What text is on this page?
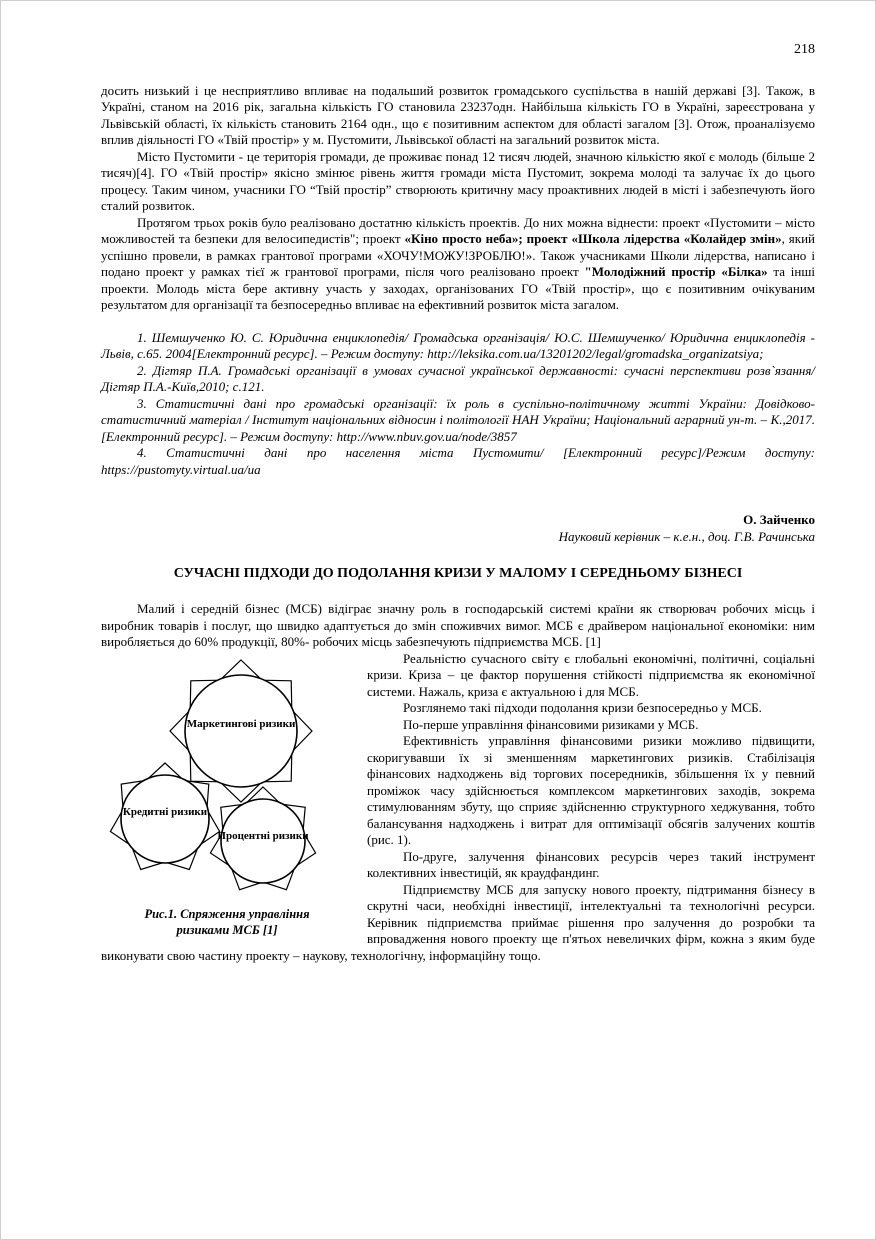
218

досить низький і це несприятливо впливає на подальший розвиток громадського суспільства в нашій державі [3]. Також, в Україні, станом на 2016 рік, загальна кількість ГО становила 23237одн. Найбільша кількість ГО в Україні, зареєстрована у Львівській області, їх кількість становить 2164 одн., що є позитивним аспектом для області загалом [3]. Отож, проаналізуємо вплив діяльності ГО «Твій простір» у м. Пустомити, Львівської області на загальний розвиток міста.

Місто Пустомити - це територія громади, де проживає понад 12 тисяч людей, значною кількістю якої є молодь (більше 2 тисяч)[4]. ГО «Твій простір» якісно змінює рівень життя громади міста Пустомит, зокрема молоді та залучає їх до цього процесу. Таким чином, учасники ГО “Твій простір” створюють критичну масу проактивних людей в місті і забезпечують його сталий розвиток.

Протягом трьох років було реалізовано достатню кількість проектів. До них можна віднести: проект «Пустомити – місто можливостей та безпеки для велосипедистів"; проект «Кіно просто неба»; проект «Школа лідерства «Колайдер змін», який успішно провели, в рамках грантової програми «ХОЧУ!МОЖУ!ЗРОБЛЮ!». Також учасниками Школи лідерства, написано і подано проект у рамках тієї ж грантової програми, після чого реалізовано проект "Молодіжний простір «Білка» та інші проекти. Молодь міста бере активну участь у заходах, організованих ГО «Твій простір», що є позитивним очікуваним результатом для організації та безпосередньо впливає на ефективний розвиток міста загалом.

1. Шемшученко Ю. С. Юридична енциклопедія/ Громадська організація/ Ю.С. Шемшученко/ Юридична енциклопедія - Львів, с.65. 2004[Електронний ресурс]. – Режим доступу: http://leksika.com.ua/13201202/legal/gromadska_organizatsiya;

2. Дігтяр П.А. Громадські організації в умовах сучасної української державності: сучасні перспективи розв`язання/Дігтяр П.А.-Київ,2010; с.121.

3. Статистичні дані про громадські організації: їх роль в суспільно-політичному житті України: Довідково-статистичний матеріал / Інститут національних відносин і політології НАН України; Національний аграрний ун-т. – К.,2017. [Електронний ресурс]. – Режим доступу: http://www.nbuv.gov.ua/node/3857

4. Статистичні дані про населення міста Пустомити/ [Електронний ресурс]/Режим доступу: https://pustomyty.virtual.ua/ua

О. Зайченко
Науковий керівник – к.е.н., доц. Г.В. Рачинська
СУЧАСНІ ПІДХОДИ ДО ПОДОЛАННЯ КРИЗИ У МАЛОМУ І СЕРЕДНЬОМУ БІЗНЕСІ

Малий і середній бізнес (МСБ) відіграє значну роль в господарській системі країни як створювач робочих місць і виробник товарів і послуг, що швидко адаптується до змін споживчих вимог. МСБ є драйвером національної економіки: ним виробляється до 60% продукції, 80%- робочих місць забезпечують підприємства МСБ. [1]

Маркетингові ризики
Кредитні ризики
Процентні ризики
Рис.1. Спряження управління ризиками МСБ [1]

Реальністю сучасного світу є глобальні економічні, політичні, соціальні кризи. Криза – це фактор порушення стійкості підприємства як економічної системи. Нажаль, криза є актуальною і для МСБ.

Розглянемо такі підходи подолання кризи безпосередньо у МСБ.

По-перше управління фінансовими ризиками у МСБ.

Ефективність управління фінансовими ризики можливо підвищити, скоригувавши їх зі зменшенням маркетингових ризиків. Стабілізація фінансових надходжень від торгових посередників, збільшення їх у певний проміжок часу здійснюється комплексом маркетингових заходів, зокрема стимулюванням збуту, що сприяє здійсненню структурного хеджування, тобто балансування надходжень і витрат для оптимізації обсягів залучених коштів (рис. 1).

По-друге, залучення фінансових ресурсів через такий інструмент колективних інвестицій, як краудфандинг.

Підприємству МСБ для запуску нового проекту, підтримання бізнесу в скрутні часи, необхідні інвестиції, інтелектуальні та технологічні ресурси. Керівник підприємства приймає рішення про залучення до розробки та впровадження нового проекту ще п'ятьох невеличких фірм, кожна з яким буде виконувати свою частину проекту – наукову, технологічну, інформаційну тощо.
